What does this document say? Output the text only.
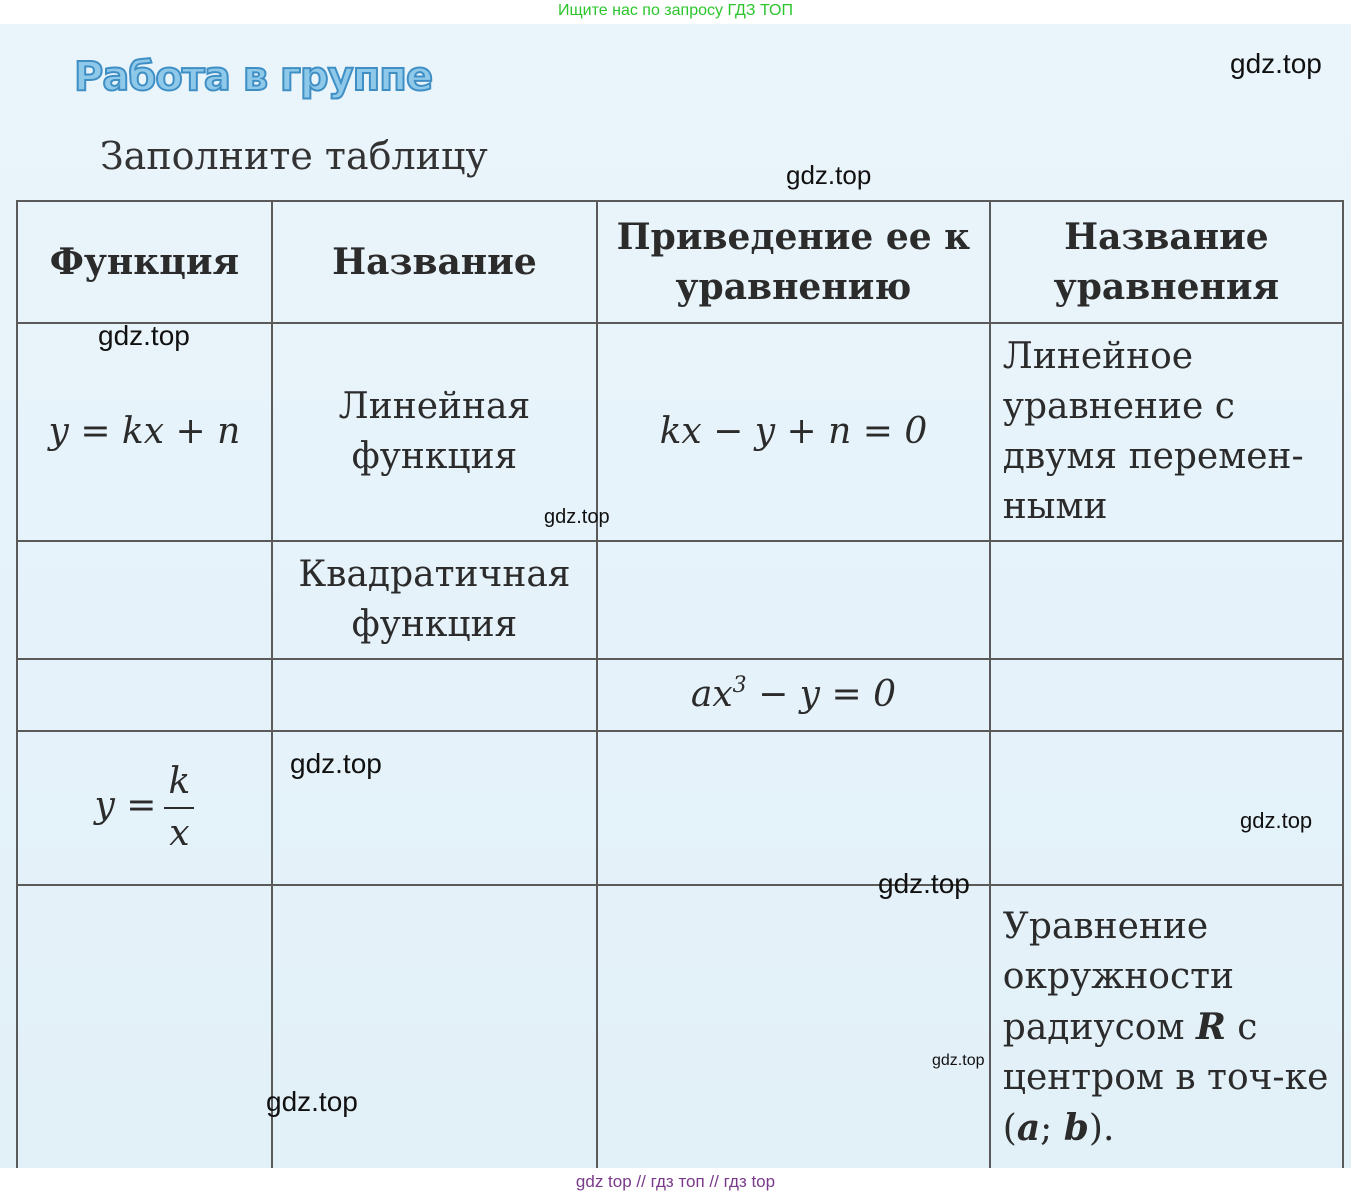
Ищите нас по запросу ГДЗ ТОП
Работа в группе
Заполните таблицу
Функция	Название	Приведение ее к уравнению	Название уравнения
y = kx + n	Линейная функция	kx − y + n = 0	Линейное уравнение с двумя перемен-ными
	Квадратичная функция		
		$ax^3 - y = 0$	
$y = \frac{k}{x}$

			Уравнение окружности радиусом R с центром в точ-ке (a; b).
gdz.top
gdz.top
gdz.top
gdz.top
gdz.top
gdz.top
gdz.top
gdz.top
gdz.top
gdz top // гдз топ // гдз top
